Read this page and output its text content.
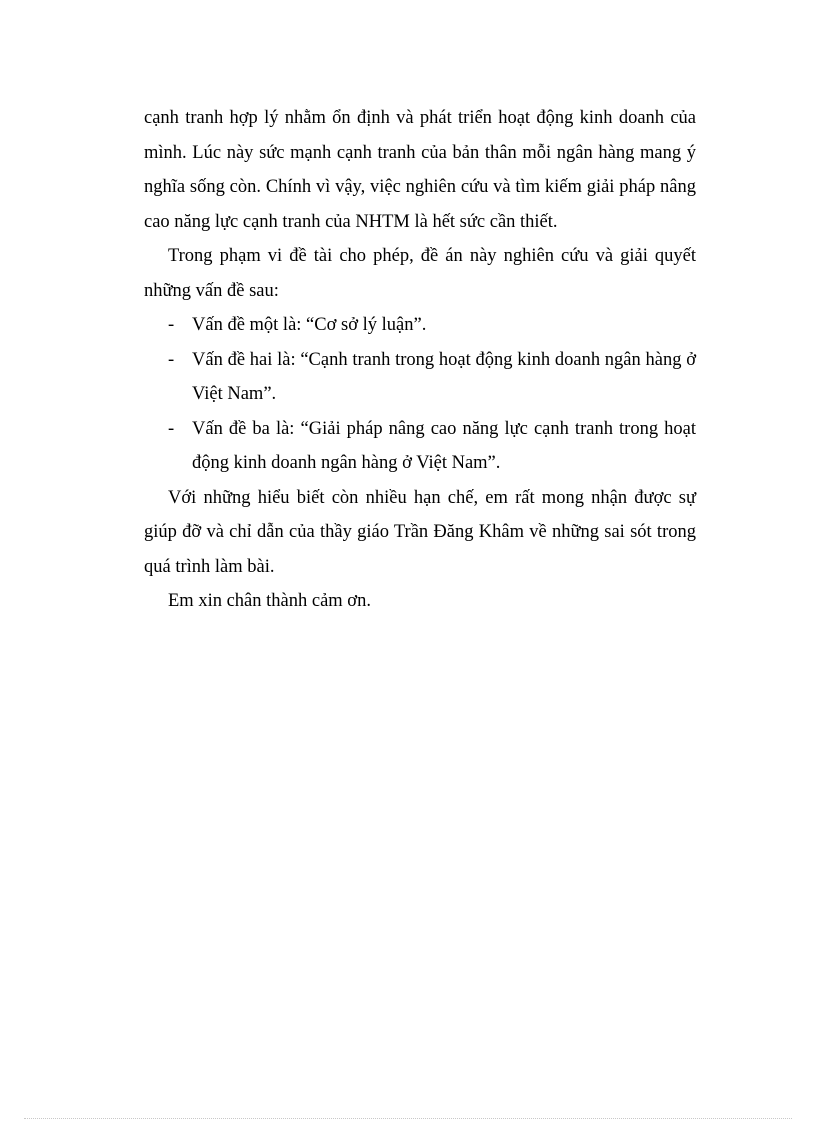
cạnh tranh hợp lý nhằm ổn định và phát triển hoạt động kinh doanh của mình. Lúc này sức mạnh cạnh tranh của bản thân mỗi ngân hàng mang ý nghĩa sống còn. Chính vì vậy, việc nghiên cứu và tìm kiếm giải pháp nâng cao năng lực cạnh tranh của NHTM là hết sức cần thiết.

Trong phạm vi đề tài cho phép, đề án này nghiên cứu và giải quyết những vấn đề sau:

- Vấn đề một là: “Cơ sở lý luận”.
- Vấn đề hai là: “Cạnh tranh trong hoạt động kinh doanh ngân hàng ở Việt Nam”.
- Vấn đề ba là: “Giải pháp nâng cao năng lực cạnh tranh trong hoạt động kinh doanh ngân hàng ở Việt Nam”.

Với những hiểu biết còn nhiều hạn chế, em rất mong nhận được sự giúp đỡ và chỉ dẫn của thầy giáo Trần Đăng Khâm về những sai sót trong quá trình làm bài.

Em xin chân thành cảm ơn.
